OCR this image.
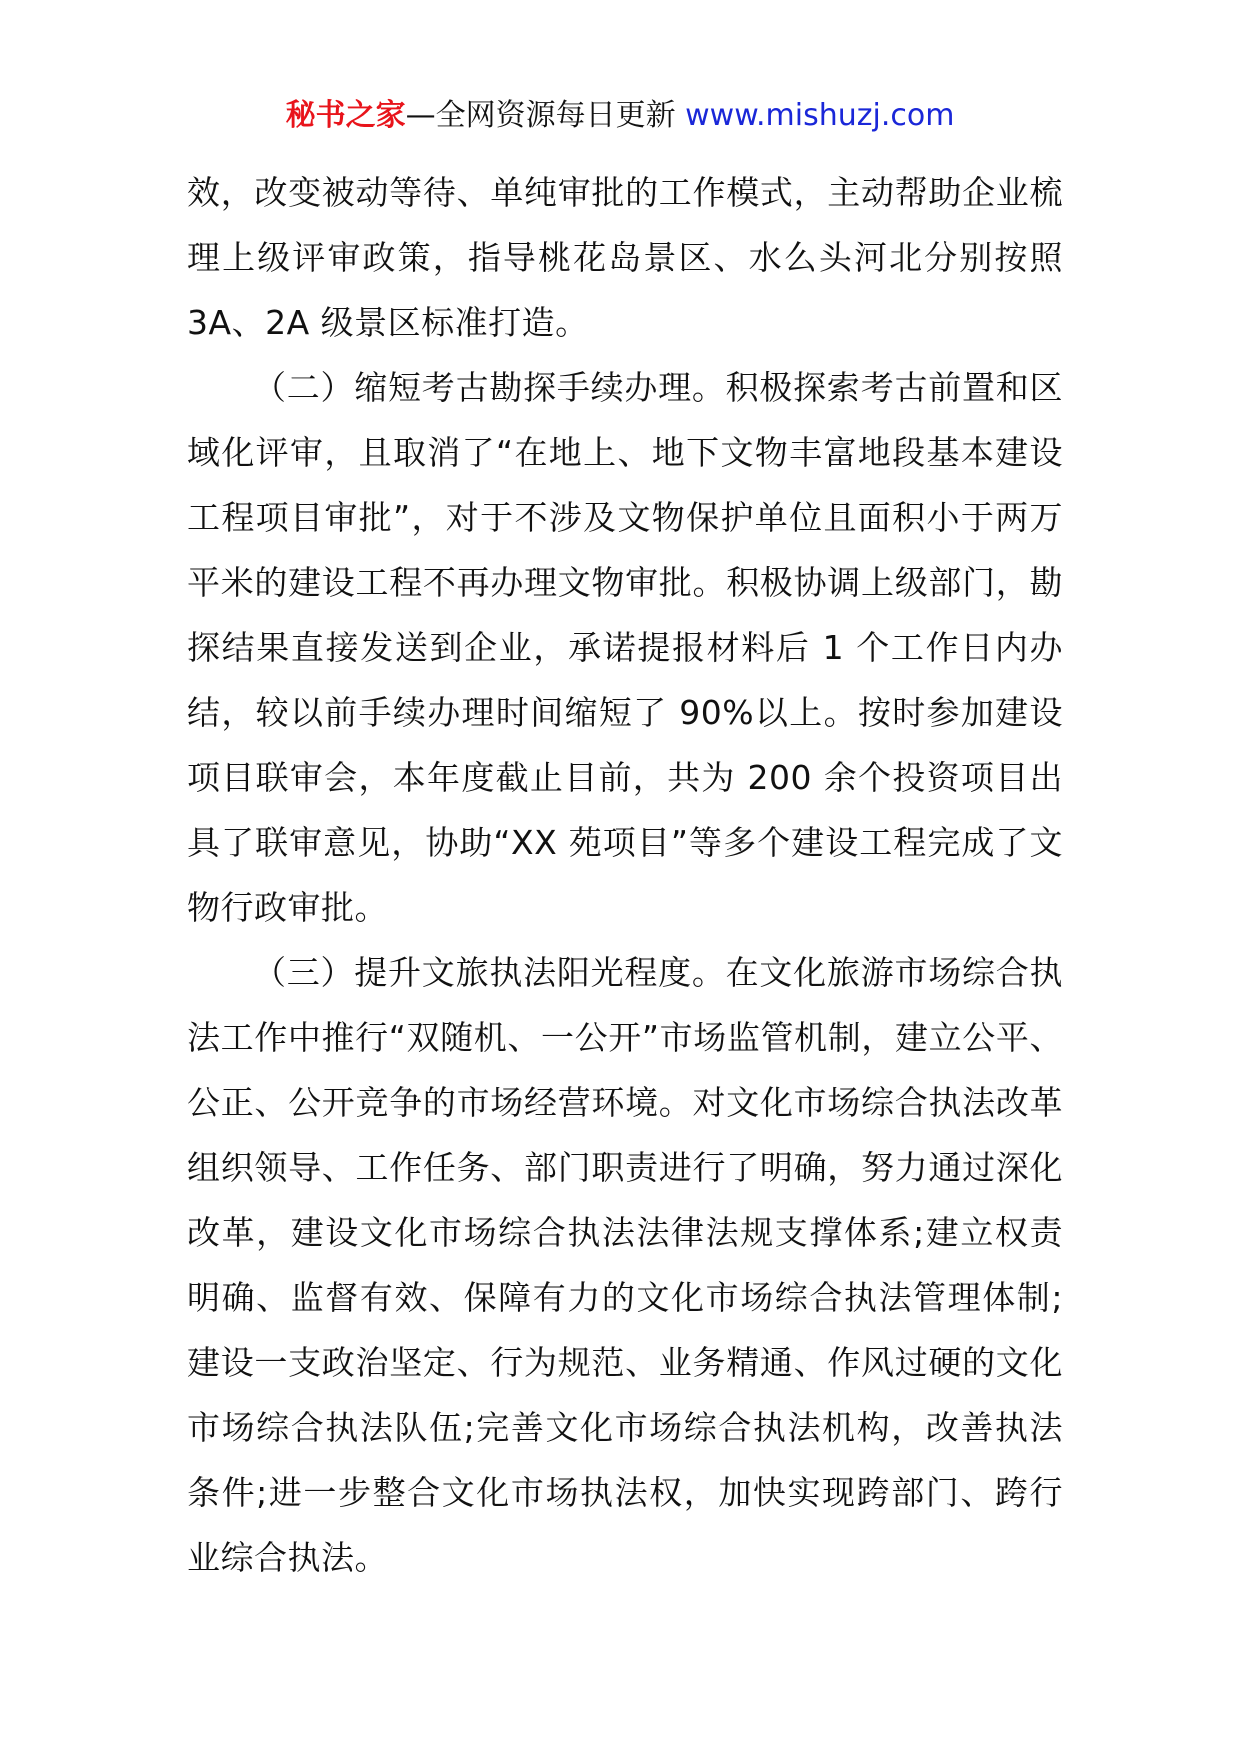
秘书之家—全网资源每日更新 www.mishuzj.com

效，改变被动等待、单纯审批的工作模式，主动帮助企业梳理上级评审政策，指导桃花岛景区、水么头河北分别按照 3A、2A 级景区标准打造。

（二）缩短考古勘探手续办理。积极探索考古前置和区域化评审，且取消了“在地上、地下文物丰富地段基本建设工程项目审批”，对于不涉及文物保护单位且面积小于两万平米的建设工程不再办理文物审批。积极协调上级部门，勘探结果直接发送到企业，承诺提报材料后 1 个工作日内办结，较以前手续办理时间缩短了 90%以上。按时参加建设项目联审会，本年度截止目前，共为 200 余个投资项目出具了联审意见，协助“XX 苑项目”等多个建设工程完成了文物行政审批。

（三）提升文旅执法阳光程度。在文化旅游市场综合执法工作中推行“双随机、一公开”市场监管机制，建立公平、公正、公开竞争的市场经营环境。对文化市场综合执法改革组织领导、工作任务、部门职责进行了明确，努力通过深化改革，建设文化市场综合执法法律法规支撑体系;建立权责明确、监督有效、保障有力的文化市场综合执法管理体制;建设一支政治坚定、行为规范、业务精通、作风过硬的文化市场综合执法队伍;完善文化市场综合执法机构，改善执法条件;进一步整合文化市场执法权，加快实现跨部门、跨行业综合执法。
